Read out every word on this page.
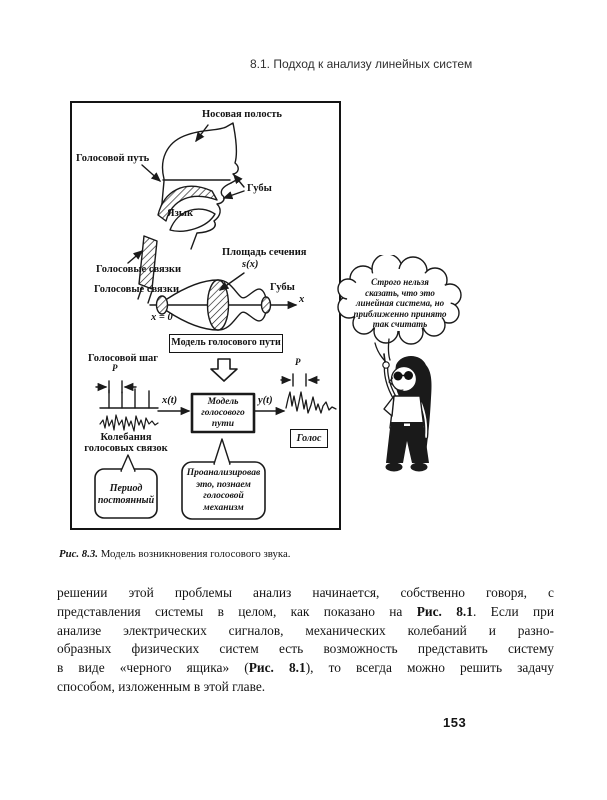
8.1. Подход к анализу линейных систем
Носовая полость
Голосовой путь
Губы
Язык
Голосовые связки
Голосовые связки
Площадь сечения
s(x)
Губы
x
x = 0
Модель голосового пути
Голосовой шаг
P
x(t)	y(t)
P
Модель
голосового
пути
Колебания
голосовых связок
Голос
Период
постоянный
Проанализировав
это, познаем
голосовой
механизм
Строго нельзя
сказать, что это
линейная система, но
приближенно принято
так считать
Рис. 8.3. Модель возникновения голосового звука.
решении этой проблемы анализ начинается, собственно говоря, с
представления системы в целом, как показано на Рис. 8.1. Если при
анализе электрических сигналов, механических колебаний и разно-
образных физических систем есть возможность представить систему
в виде «черного ящика» (Рис. 8.1), то всегда можно решить задачу
способом, изложенным в этой главе.
153
